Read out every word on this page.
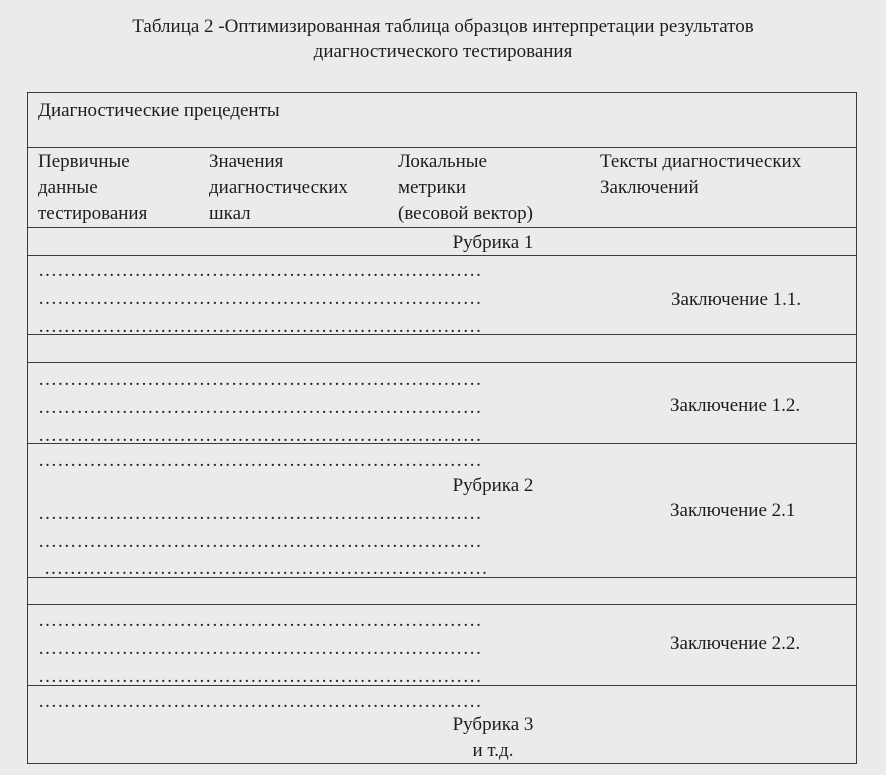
Таблица 2 -Оптимизированная таблица образцов интерпретации результатов
диагностического тестирования
Диагностические прецеденты
Первичные
данные
тестирования
Значения
диагностических
шкал
Локальные
метрики
(весовой вектор)
Тексты диагностических
Заключений
Рубрика 1
……………………………………………………………
……………………………………………………………
……………………………………………………………
Заключение 1.1.
……………………………………………………………
……………………………………………………………
……………………………………………………………
Заключение 1.2.
……………………………………………………………
Рубрика 2
……………………………………………………………
……………………………………………………………
……………………………………………………………
Заключение 2.1
……………………………………………………………
……………………………………………………………
……………………………………………………………
Заключение 2.2.
……………………………………………………………
Рубрика 3
и т.д.
